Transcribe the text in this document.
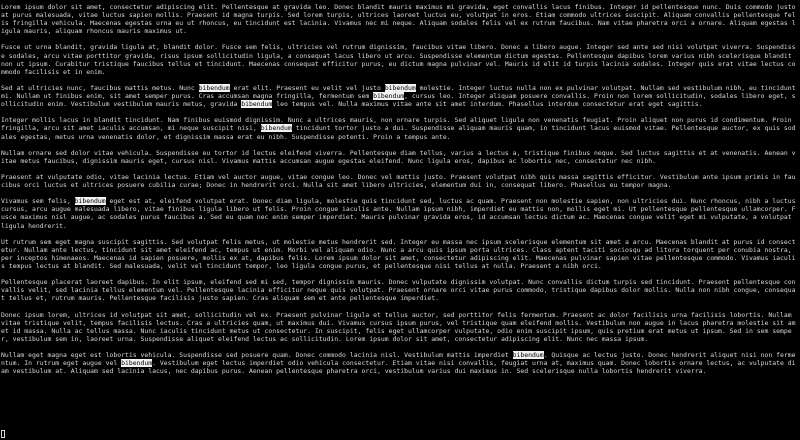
Lorem ipsum dolor sit amet, consectetur adipiscing elit. Pellentesque at gravida leo. Donec blandit mauris maximus mi gravida, eget convallis lacus finibus. Integer id pellentesque nunc. Duis commodo justo at purus malesuada, vitae luctus sapien mollis. Praesent id magna turpis. Sed lorem turpis, ultrices laoreet luctus eu, volutpat in eros. Etiam commodo ultrices suscipit. Aliquam convallis pellentesque felis fringilla vehicula. Maecenas egestas urna eu ut rhoncus, eu tincidunt est lacinia. Vivamus nec mi neque. Aliquam sodales felis vel ex rutrum faucibus. Nam vitae pharetra orci a ornare. Aliquam egestas ligula mauris, aliquam rhoncus mauris maximus ut.
Fusce ut urna blandit, gravida ligula at, blandit dolor. Fusce sem felis, ultricies vel rutrum dignissim, faucibus vitae libero. Donec a libero augue. Integer sed ante sed nisi volutpat viverra. Suspendisse sodales, arcu vitae porttitor gravida, risus ipsum sollicitudin ligula, a consequat lacus libero ut arcu. Suspendisse elementum dictum egestas. Pellentesque dapibus lorem varius nibh scelerisque blandit non ut ipsum. Curabitur tristique faucibus tellus et tincidunt. Maecenas consequat efficitur purus, eu dictum magna pulvinar vel. Mauris id elit id turpis lacinia sodales. Integer quis erat vitae lectus commodo facilisis et in enim.
Sed at ultricies nunc, faucibus mattis metus. Nunc bibendum erat elit. Praesent eu velit vel justo bibendum molestie. Integer luctus nulla non ex pulvinar volutpat. Nullam sed vestibulum nibh, eu tincidunt mi. Nullam ut finibus enim, sit amet semper purus. Cras accumsan magna fringilla, fermentum sem bibendum, cursus leo. Integer aliquam posuere convallis. Proin non lorem sollicitudin, sodales libero eget, sollicitudin enim. Vestibulum vestibulum mauris metus, gravida bibendum leo tempus vel. Nulla maximus vitae ante sit amet interdum. Phasellus interdum consectetur erat eget sagittis.
Integer mollis lacus in blandit tincidunt. Nam finibus euismod dignissim. Nunc a ultrices mauris, non ornare turpis. Sed aliquet ligula non venenatis feugiat. Proin aliquet non purus id condimentum. Proin fringilla, arcu sit amet iaculis accumsan, mi neque suscipit nisi, bibendum tincidunt tortor justo a dui. Suspendisse aliquam mauris quam, in tincidunt lacus euismod vitae. Pellentesque auctor, ex quis sodales egestas, metus urna venenatis dolor, et dignissim massa erat eu nibh. Suspendisse potenti. Proin a tempus ante.
Nullam ornare sed dolor vitae vehicula. Suspendisse eu tortor id lectus eleifend viverra. Pellentesque diam tellus, varius a lectus a, tristique finibus neque. Sed luctus sagittis et at venenatis. Aenean vitae metus faucibus, dignissim mauris eget, cursus nisl. Vivamus mattis accumsan augue egestas eleifend. Nunc ligula eros, dapibus ac lobortis nec, consectetur nec nibh.
Praesent at vulputate odio, vitae lacinia lectus. Etiam vel auctor augue, vitae congue leo. Donec vel mattis justo. Praesent volutpat nibh quis massa sagittis efficitur. Vestibulum ante ipsum primis in faucibus orci luctus et ultrices posuere cubilia curae; Donec in hendrerit orci. Nulla sit amet libero ultricies, elementum dui in, consequat libero. Phasellus eu tempor magna.
Vivamus sem felis, bibendum eget est at, eleifend volutpat erat. Donec diam ligula, molestie quis tincidunt sed, luctus ac quam. Praesent non molestie sapien, non ultricies dui. Nunc rhoncus, nibh a luctus cursus, arcu augue malesuada libero, vitae finibus ligula libero ut felis. Proin congue iaculis ante. Nullam ipsum nibh, imperdiet eu mattis non, mollis eget mi. Ut pellentesque pellentesque ullamcorper. Fusce maximus nisl augue, ac sodales purus faucibus a. Sed eu quam nec enim semper imperdiet. Mauris pulvinar gravida eros, id accumsan lectus dictum ac. Maecenas congue velit eget mi vulputate, a volutpat ligula hendrerit.
Ut rutrum sem eget magna suscipit sagittis. Sed volutpat felis metus, ut molestie metus hendrerit sed. Integer eu massa nec ipsum scelerisque elementum sit amet a arcu. Maecenas blandit at purus id consectetur. Nullam ante lectus, tincidunt sit amet eleifend ac, tempus ut enim. Morbi vel aliquam odio. Nunc a arcu quis ipsum porta ultrices. Class aptent taciti sociosqu ad litora torquent per conubia nostra, per inceptos himenaeos. Maecenas id sapien posuere, mollis ex at, dapibus felis. Lorem ipsum dolor sit amet, consectetur adipiscing elit. Maecenas pulvinar sapien vitae pellentesque commodo. Vivamus iaculis tempus lectus at blandit. Sed malesuada, velit vel tincidunt tempor, leo ligula congue purus, et pellentesque nisi tellus at nulla. Praesent a nibh orci.
Pellentesque placerat laoreet dapibus. In elit ipsum, eleifend sed mi sed, tempor dignissim mauris. Donec vulputate dignissim volutpat. Nunc convallis dictum turpis sed tincidunt. Praesent pellentesque convallis velit, sed lacinia tellus elementum vel. Pellentesque lacinia efficitur neque quis volutpat. Praesent ornare orci vitae purus commodo, tristique dapibus dolor mollis. Nulla non nibh congue, consequat tellus et, rutrum mauris. Pellentesque facilisis justo sapien. Cras aliquam sem et ante pellentesque imperdiet.
Donec ipsum lorem, ultrices id volutpat sit amet, sollicitudin vel ex. Praesent pulvinar ligula et tellus auctor, sed porttitor felis fermentum. Praesent ac dolor facilisis urna facilisis lobortis. Nullam vitae tristique velit, tempus facilisis lectus. Cras a ultricies quam, ut maximus dui. Vivamus cursus ipsum purus, vel tristique quam eleifend mollis. Vestibulum non augue in lacus pharetra molestie sit amet id massa. Nulla ac tellus massa. Nunc iaculis tincidunt metus ut consectetur. In suscipit, felis eget ullamcorper vulputate, odio enim suscipit ipsum, quis pretium erat metus ut ipsum. Sed in sem semper, vestibulum sem in, laoreet urna. Suspendisse aliquet eleifend lectus ac sollicitudin. Lorem ipsum dolor sit amet, consectetur adipiscing elit. Nunc nec massa ipsum.
Nullam eget magna eget est lobortis vehicula. Suspendisse sed posuere quam. Donec commodo lacinia nisl. Vestibulum mattis imperdiet bibendum. Quisque ac lectus justo. Donec hendrerit aliquet nisi non fermentum. In rutrum eget augue vel bibendum. Vestibulum eget lectus imperdiet odio vehicula consectetur. Etiam vitae nisi convallis, feugiat urna at, maximus quam. Donec lobortis ornare lectus, ac vulputate diam vestibulum at. Aliquam sed lacinia lacus, nec dapibus purus. Aenean pellentesque pharetra orci, vestibulum varius dui maximus in. Sed scelerisque nulla lobortis hendrerit viverra.
